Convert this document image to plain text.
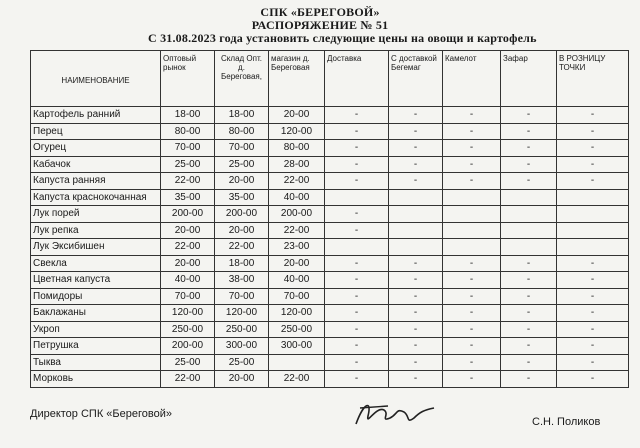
СПК «БЕРЕГОВОЙ»
РАСПОРЯЖЕНИЕ № 51
С 31.08.2023 года установить следующие цены на овощи и картофель
НАИМЕНОВАНИЕ	Оптовый рынок	Склад Опт. д. Береговая,	магазин д. Береговая	Доставка	С доставкой Бегемаг	Камелот	Зафар	В РОЗНИЦУ ТОЧКИ
Картофель ранний	18-00	18-00	20-00	-	-	-	-	-
Перец	80-00	80-00	120-00	-	-	-	-	-
Огурец	70-00	70-00	80-00	-	-	-	-	-
Кабачок	25-00	25-00	28-00	-	-	-	-	-
Капуста ранняя	22-00	20-00	22-00	-	-	-	-	-
Капуста краснокочанная	35-00	35-00	40-00					
Лук порей	200-00	200-00	200-00	-				
Лук репка	20-00	20-00	22-00	-				
Лук Эксибишен	22-00	22-00	23-00					
Свекла	20-00	18-00	20-00	-	-	-	-	-
Цветная капуста	40-00	38-00	40-00	-	-	-	-	-
Помидоры	70-00	70-00	70-00	-	-	-	-	-
Баклажаны	120-00	120-00	120-00	-	-	-	-	-
Укроп	250-00	250-00	250-00	-	-	-	-	-
Петрушка	200-00	300-00	300-00	-	-	-	-	-
Тыква	25-00	25-00		-	-	-	-	-
Морковь	22-00	20-00	22-00	-	-	-	-	-
Директор СПК «Береговой»
С.Н. Поликов
